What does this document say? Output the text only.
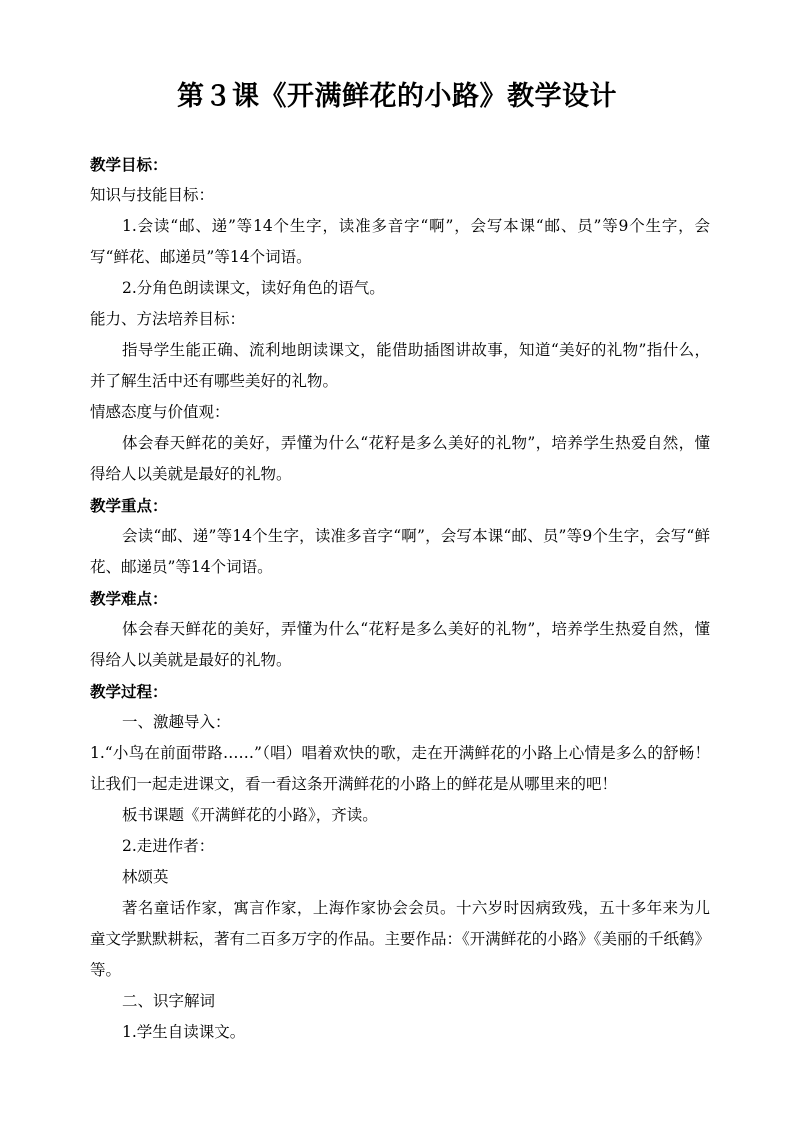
第３课《开满鲜花的小路》教学设计

教学目标：

知识与技能目标：

1.会读“邮、递”等14个生字，读准多音字“啊”，会写本课“邮、员”等9个生字，会写“鲜花、邮递员”等14个词语。

2.分角色朗读课文，读好角色的语气。

能力、方法培养目标：

指导学生能正确、流利地朗读课文，能借助插图讲故事，知道“美好的礼物”指什么，并了解生活中还有哪些美好的礼物。

情感态度与价值观：

体会春天鲜花的美好，弄懂为什么“花籽是多么美好的礼物”，培养学生热爱自然，懂得给人以美就是最好的礼物。

教学重点：

会读“邮、递”等14个生字，读准多音字“啊”，会写本课“邮、员”等9个生字，会写“鲜花、邮递员”等14个词语。

教学难点：

体会春天鲜花的美好，弄懂为什么“花籽是多么美好的礼物”，培养学生热爱自然，懂得给人以美就是最好的礼物。

教学过程：

一、激趣导入：

1.“小鸟在前面带路……”（唱）唱着欢快的歌，走在开满鲜花的小路上心情是多么的舒畅！让我们一起走进课文，看一看这条开满鲜花的小路上的鲜花是从哪里来的吧！

板书课题《开满鲜花的小路》，齐读。

2.走进作者：

林颂英

著名童话作家，寓言作家，上海作家协会会员。十六岁时因病致残，五十多年来为儿童文学默默耕耘，著有二百多万字的作品。主要作品：《开满鲜花的小路》《美丽的千纸鹤》等。

二、识字解词

1.学生自读课文。
